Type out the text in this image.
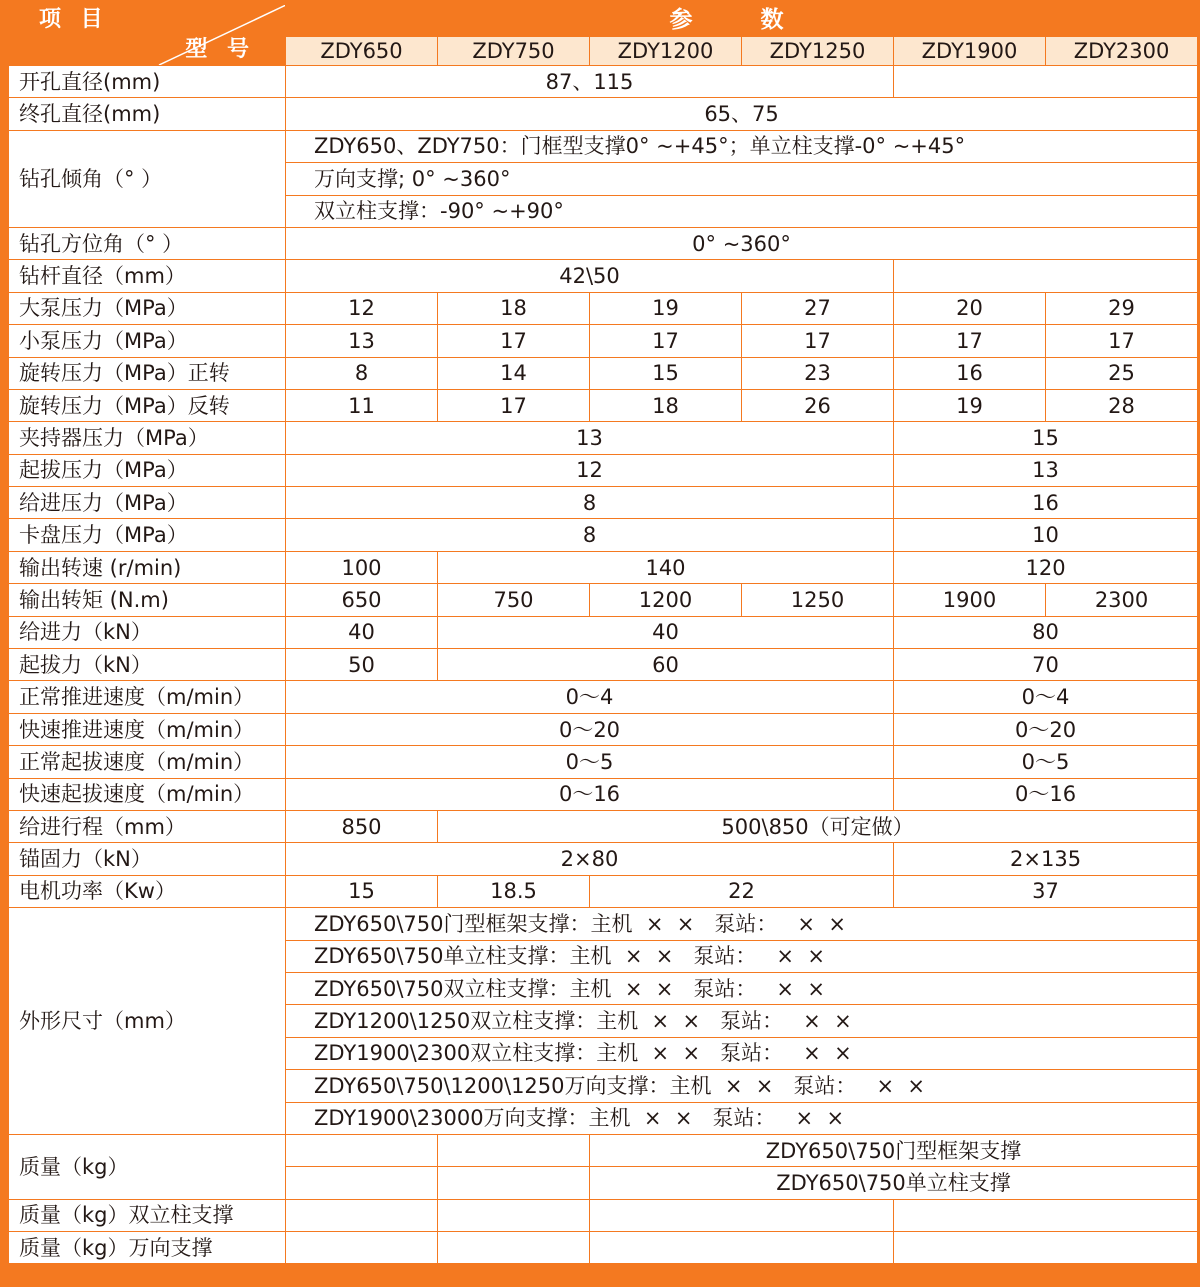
项 目
型 号	参 数					
	ZDY650	ZDY750	ZDY1200	ZDY1250	ZDY1900	ZDY2300
开孔直径(mm)	87、115					
终孔直径(mm)	65、75					
钻孔倾角（° ）	ZDY650、ZDY750：门框型支撑0° ~+45°；单立柱支撑-0° ~+45°					
	万向支撑; 0° ~360°					
	双立柱支撑：-90° ~+90°					
钻孔方位角（° ）	0° ~360°					
钻杆直径（mm）	42\50					
大泵压力（MPa）	12	18	19	27	20	29
小泵压力（MPa）	13	17	17	17	17	17
旋转压力（MPa）正转	8	14	15	23	16	25
旋转压力（MPa）反转	11	17	18	26	19	28
夹持器压力（MPa）	13				15	
起拔压力（MPa）	12				13	
给进压力（MPa）	8				16	
卡盘压力（MPa）	8				10	
输出转速 (r/min)	100	140			120	
输出转矩 (N.m)	650	750	1200	1250	1900	2300
给进力（kN）	40	40			80	
起拔力（kN）	50	60			70	
正常推进速度（m/min）	0～4				0～4	
快速推进速度（m/min）	0～20				0～20	
正常起拔速度（m/min）	0～5				0～5	
快速起拔速度（m/min）	0～16				0～16	
给进行程（mm）	850	500\850（可定做）				
锚固力（kN）	2×80				2×135	
电机功率（Kw）	15	18.5	22		37	
外形尺寸（mm）	ZDY650\750门型框架支撑：主机  ×  ×   泵站：   ×  ×					
	ZDY650\750单立柱支撑：主机  ×  ×   泵站：   ×  ×					
	ZDY650\750双立柱支撑：主机  ×  ×   泵站：   ×  ×					
	ZDY1200\1250双立柱支撑：主机  ×  ×   泵站：   ×  ×					
	ZDY1900\2300双立柱支撑：主机  ×  ×   泵站：   ×  ×					
	ZDY650\750\1200\1250万向支撑：主机  ×  ×   泵站：   ×  ×					
	ZDY1900\23000万向支撑：主机  ×  ×   泵站：   ×  ×					
质量（kg）			ZDY650\750门型框架支撑			
			ZDY650\750单立柱支撑			
质量（kg）双立柱支撑						
质量（kg）万向支撑						
